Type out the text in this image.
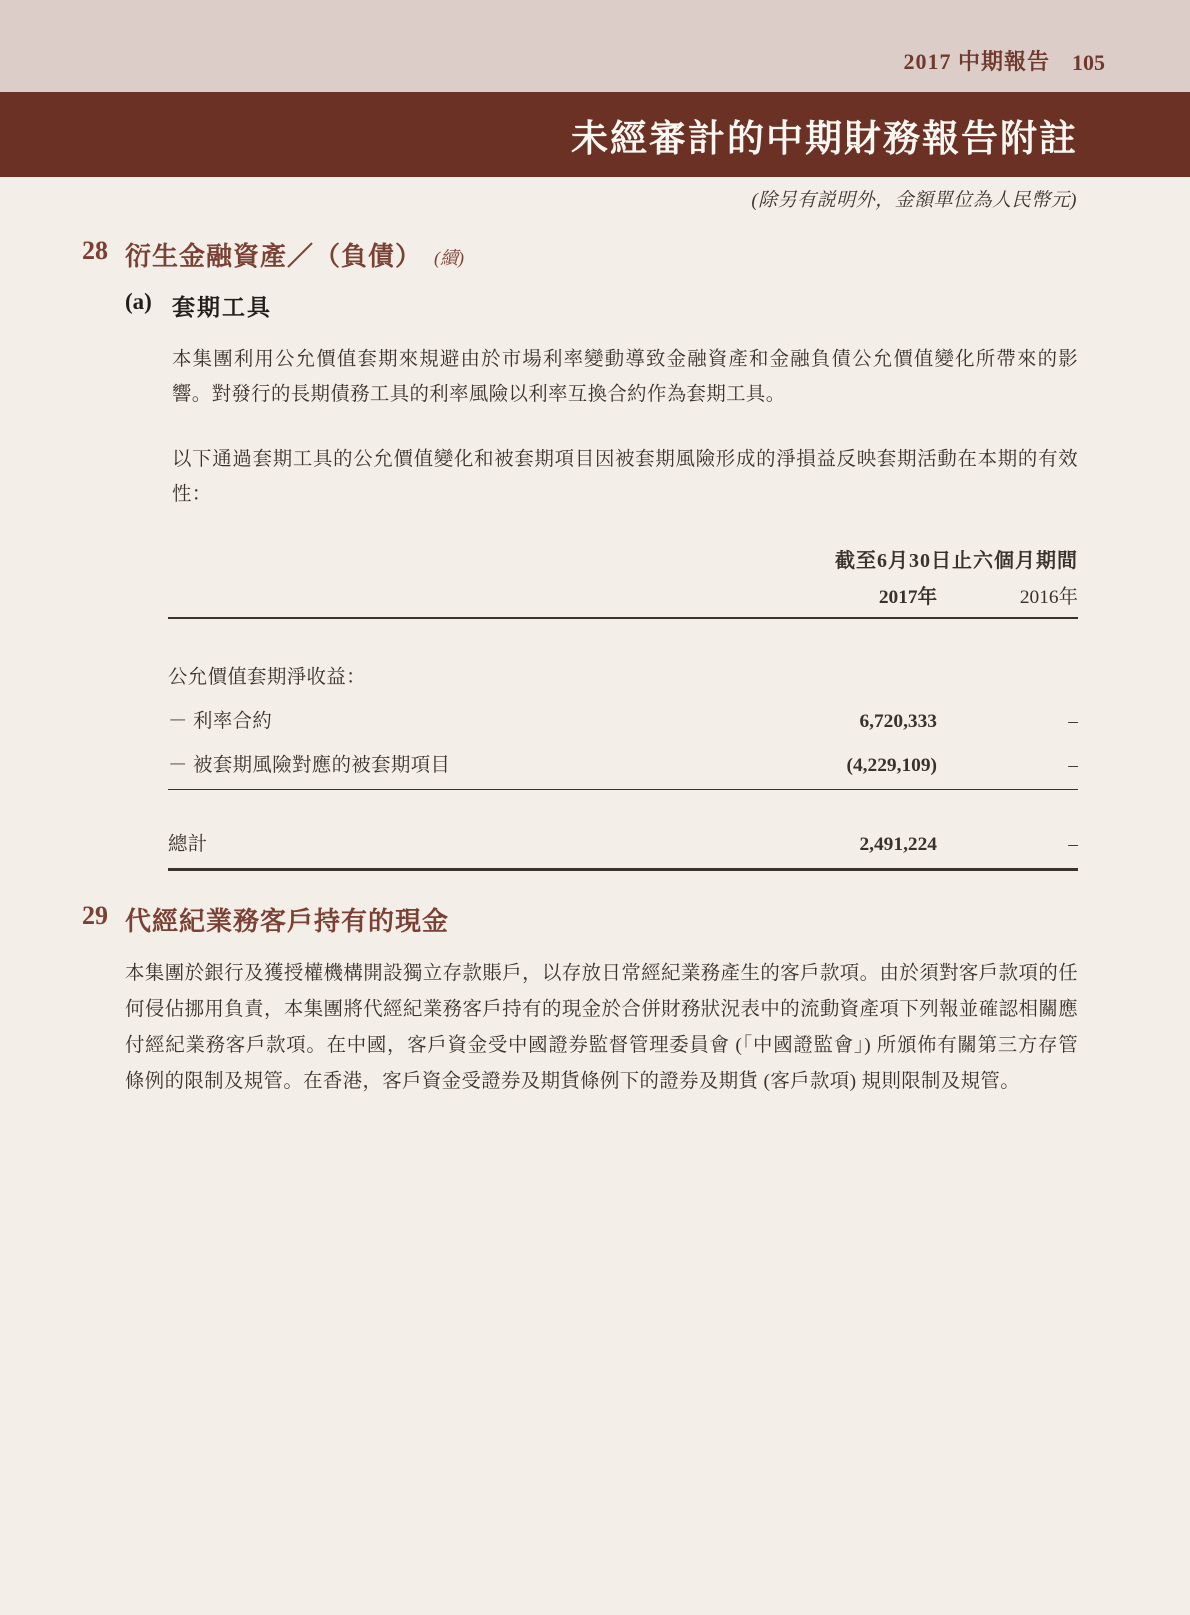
2017 中期報告 105
未經審計的中期財務報告附註
(除另有説明外，金額單位為人民幣元)
28 衍生金融資產／（負債） (續)
(a) 套期工具

本集團利用公允價值套期來規避由於市場利率變動導致金融資產和金融負債公允價值變化所帶來的影響。對發行的長期債務工具的利率風險以利率互換合約作為套期工具。

以下通過套期工具的公允價值變化和被套期項目因被套期風險形成的淨損益反映套期活動在本期的有效性：

截至6月30日止六個月期間
2017年	2016年
公允價值套期淨收益：
－ 利率合約	6,720,333	–
－ 被套期風險對應的被套期項目	(4,229,109)	–
總計	2,491,224	–
29 代經紀業務客戶持有的現金

本集團於銀行及獲授權機構開設獨立存款賬戶，以存放日常經紀業務產生的客戶款項。由於須對客戶款項的任何侵佔挪用負責，本集團將代經紀業務客戶持有的現金於合併財務狀況表中的流動資產項下列報並確認相關應付經紀業務客戶款項。在中國，客戶資金受中國證券監督管理委員會 (「中國證監會」) 所頒佈有關第三方存管條例的限制及規管。在香港，客戶資金受證券及期貨條例下的證券及期貨 (客戶款項) 規則限制及規管。
